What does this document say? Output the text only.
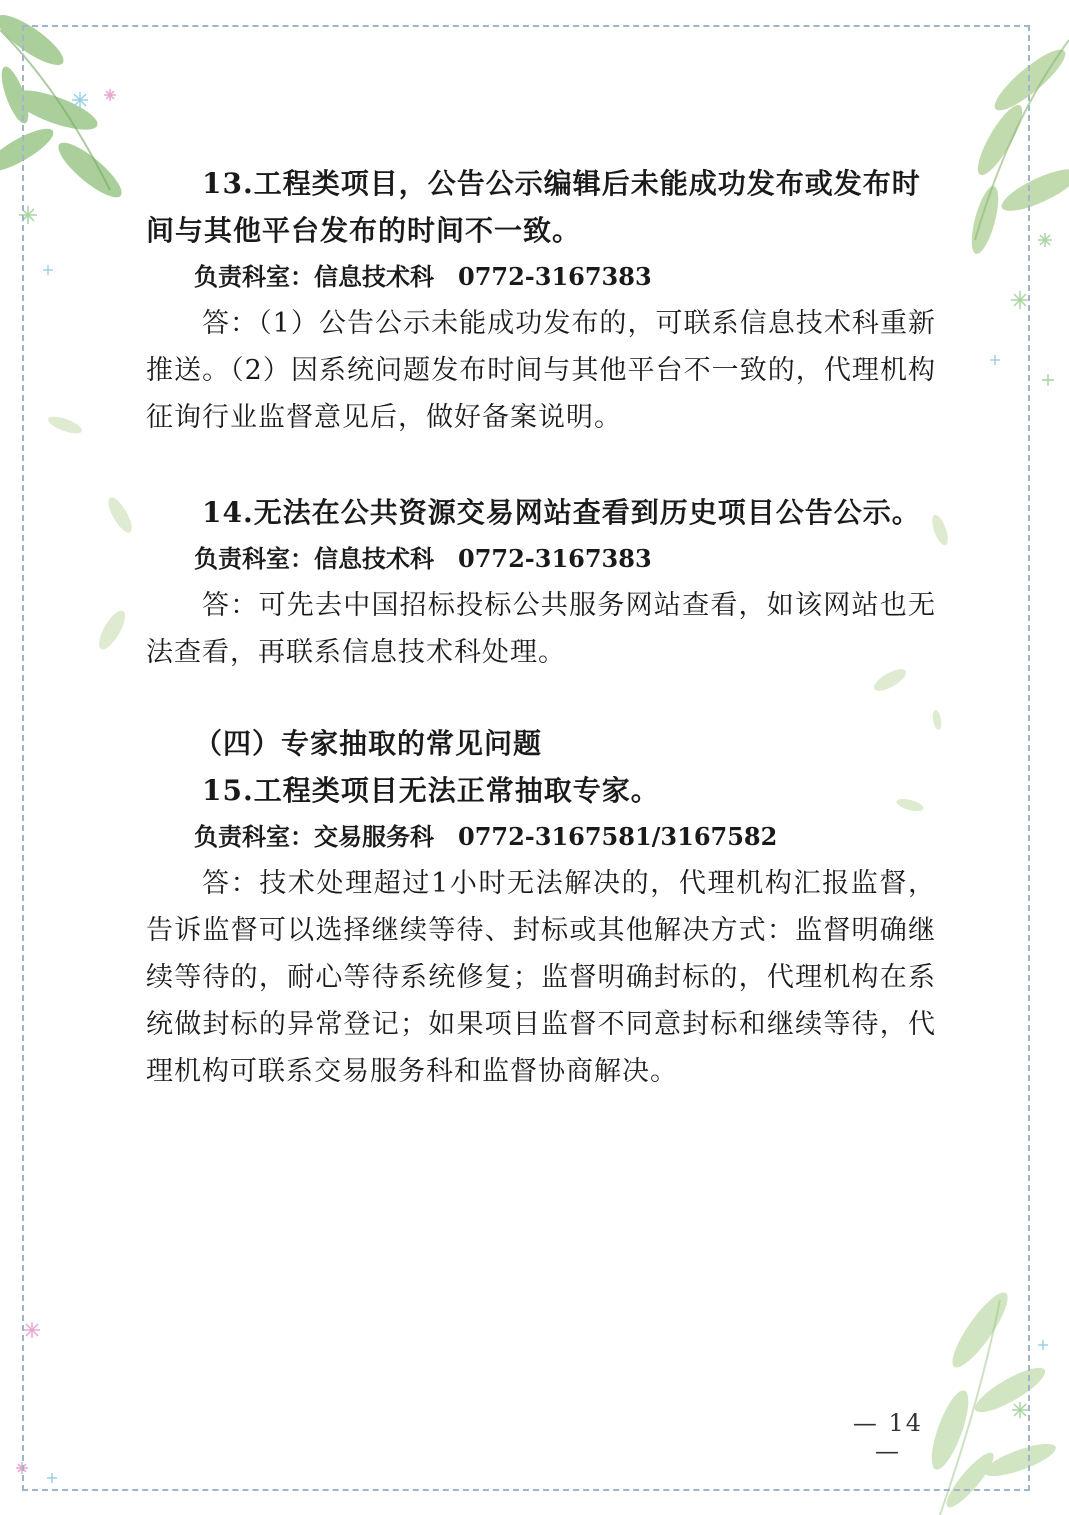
13.工程类项目，公告公示编辑后未能成功发布或发布时间与其他平台发布的时间不一致。

负责科室：信息技术科　0772-3167383

答：（1）公告公示未能成功发布的，可联系信息技术科重新推送。（2）因系统问题发布时间与其他平台不一致的，代理机构征询行业监督意见后，做好备案说明。

14.无法在公共资源交易网站查看到历史项目公告公示。

负责科室：信息技术科　0772-3167383

答：可先去中国招标投标公共服务网站查看，如该网站也无法查看，再联系信息技术科处理。

（四）专家抽取的常见问题

15.工程类项目无法正常抽取专家。

负责科室：交易服务科　0772-3167581/3167582

答：技术处理超过1小时无法解决的，代理机构汇报监督，告诉监督可以选择继续等待、封标或其他解决方式：监督明确继续等待的，耐心等待系统修复；监督明确封标的，代理机构在系统做封标的异常登记；如果项目监督不同意封标和继续等待，代理机构可联系交易服务科和监督协商解决。

— 14 —
